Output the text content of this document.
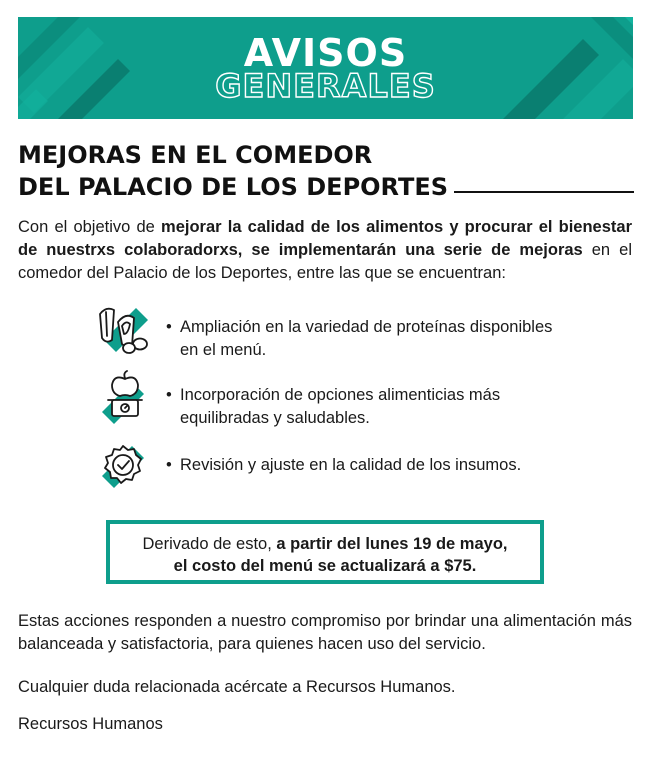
AVISOS
GENERALES
MEJORAS EN EL COMEDOR
DEL PALACIO DE LOS DEPORTES

Con el objetivo de mejorar la calidad de los alimentos y procurar el bienestar de nuestrxs colaboradorxs, se implementarán una serie de mejoras en el comedor del Palacio de los Deportes, entre las que se encuentran:

• Ampliación en la variedad de proteínas disponibles en el menú.
• Incorporación de opciones alimenticias más equilibradas y saludables.
• Revisión y ajuste en la calidad de los insumos.
Derivado de esto, a partir del lunes 19 de mayo,
el costo del menú se actualizará a $75.

Estas acciones responden a nuestro compromiso por brindar una alimentación más balanceada y satisfactoria, para quienes hacen uso del servicio.

Cualquier duda relacionada acércate a Recursos Humanos.

Recursos Humanos
